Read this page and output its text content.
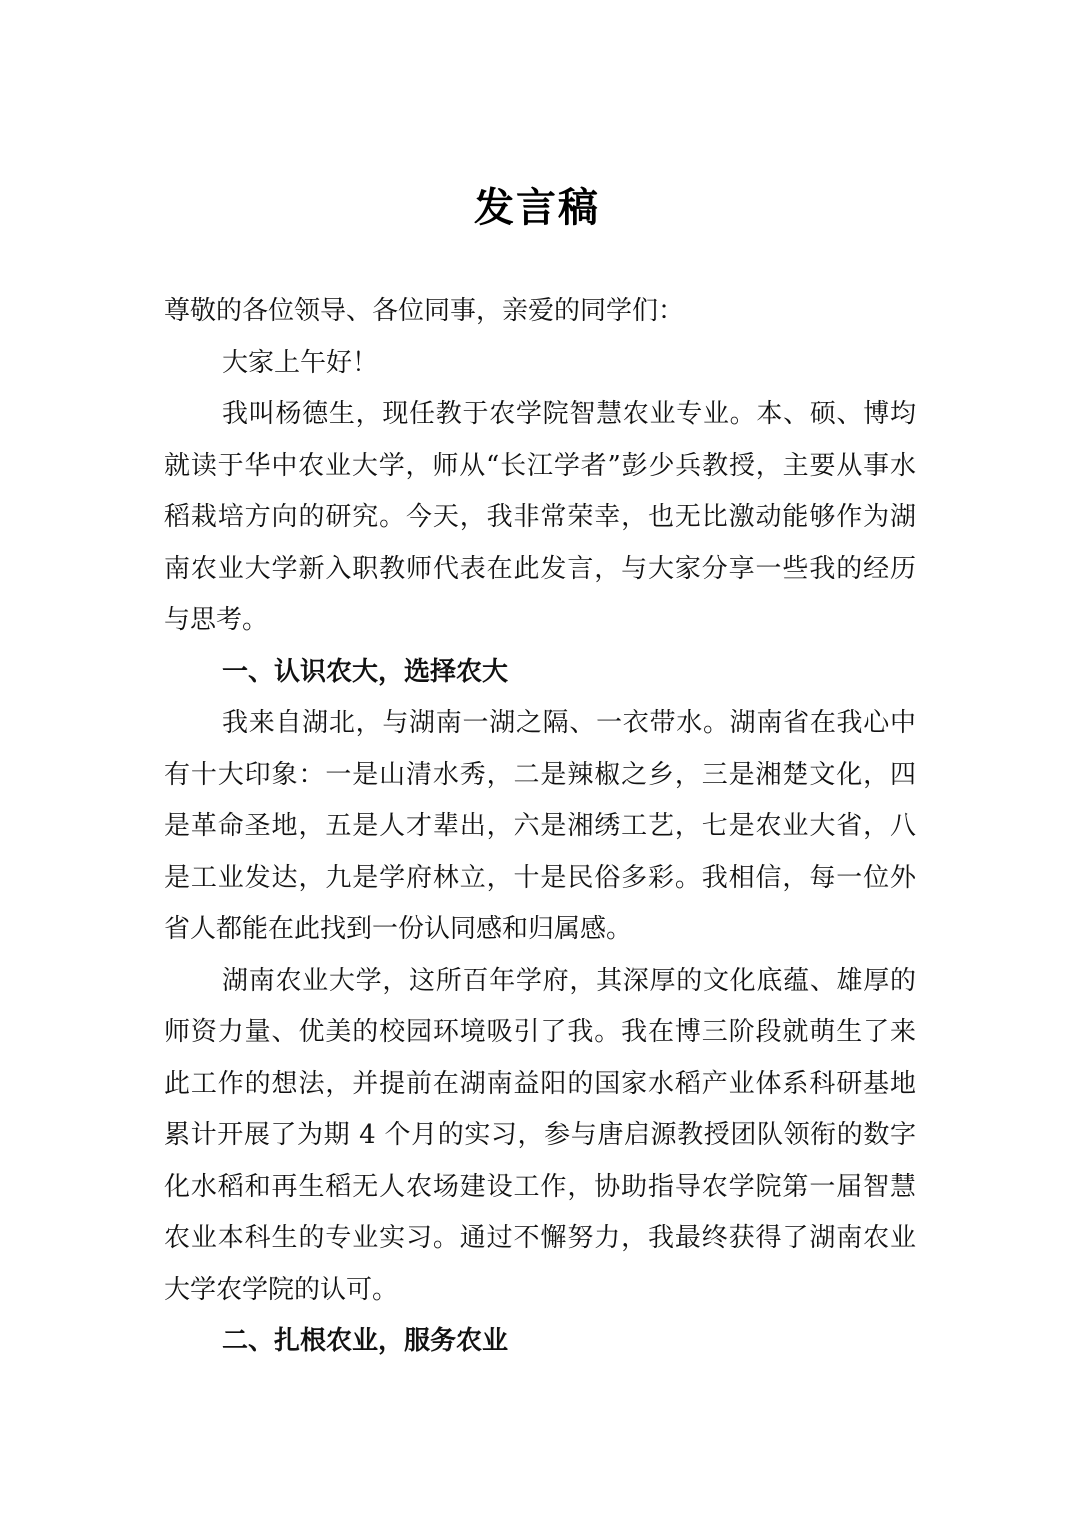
发言稿

尊敬的各位领导、各位同事，亲爱的同学们：

大家上午好！

我叫杨德生，现任教于农学院智慧农业专业。本、硕、博均就读于华中农业大学，师从“长江学者”彭少兵教授，主要从事水稻栽培方向的研究。今天，我非常荣幸，也无比激动能够作为湖南农业大学新入职教师代表在此发言，与大家分享一些我的经历与思考。

一、认识农大，选择农大

我来自湖北，与湖南一湖之隔、一衣带水。湖南省在我心中有十大印象：一是山清水秀，二是辣椒之乡，三是湘楚文化，四是革命圣地，五是人才辈出，六是湘绣工艺，七是农业大省，八是工业发达，九是学府林立，十是民俗多彩。我相信，每一位外省人都能在此找到一份认同感和归属感。

湖南农业大学，这所百年学府，其深厚的文化底蕴、雄厚的师资力量、优美的校园环境吸引了我。我在博三阶段就萌生了来此工作的想法，并提前在湖南益阳的国家水稻产业体系科研基地累计开展了为期 4 个月的实习，参与唐启源教授团队领衔的数字化水稻和再生稻无人农场建设工作，协助指导农学院第一届智慧农业本科生的专业实习。通过不懈努力，我最终获得了湖南农业大学农学院的认可。

二、扎根农业，服务农业
